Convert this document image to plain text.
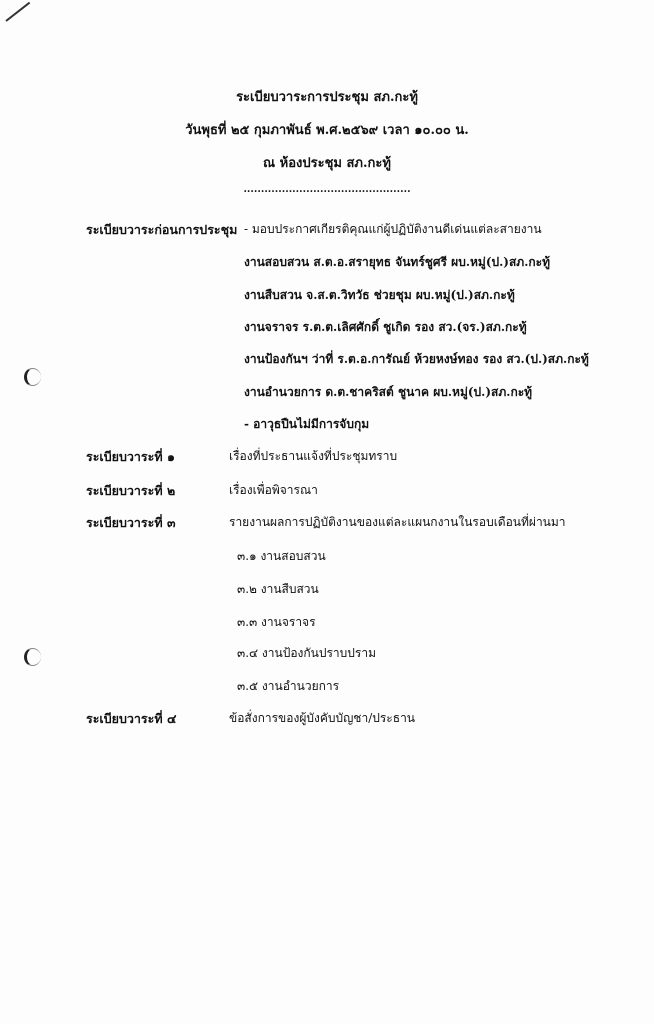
ระเบียบวาระการประชุม สภ.กะทู้
วันพุธที่ ๒๕ กุมภาพันธ์ พ.ศ.๒๕๖๙ เวลา ๑๐.๐๐ น.
ณ ห้องประชุม สภ.กะทู้
................................................
ระเบียบวาระก่อนการประชุม - มอบประกาศเกียรติคุณแก่ผู้ปฏิบัติงานดีเด่นแต่ละสายงาน
งานสอบสวน ส.ต.อ.สรายุทธ จันทร์ชูศรี ผบ.หมู่(ป.)สภ.กะทู้
งานสืบสวน จ.ส.ต.วิทวัธ ช่วยชุม ผบ.หมู่(ป.)สภ.กะทู้
งานจราจร ร.ต.ต.เลิศศักดิ์ ชูเกิด รอง สว.(จร.)สภ.กะทู้
งานป้องกันฯ ว่าที่ ร.ต.อ.การัณย์ ห้วยหงษ์ทอง รอง สว.(ป.)สภ.กะทู้
งานอำนวยการ ด.ต.ชาคริสต์ ชูนาค ผบ.หมู่(ป.)สภ.กะทู้
- อาวุธปืนไม่มีการจับกุม
ระเบียบวาระที่ ๑	เรื่องที่ประธานแจ้งที่ประชุมทราบ
ระเบียบวาระที่ ๒	เรื่องเพื่อพิจารณา
ระเบียบวาระที่ ๓	รายงานผลการปฏิบัติงานของแต่ละแผนกงานในรอบเดือนที่ผ่านมา
๓.๑ งานสอบสวน
๓.๒ งานสืบสวน
๓.๓ งานจราจร
๓.๔ งานป้องกันปราบปราม
๓.๕ งานอำนวยการ
ระเบียบวาระที่ ๔	ข้อสั่งการของผู้บังคับบัญชา/ประธาน
